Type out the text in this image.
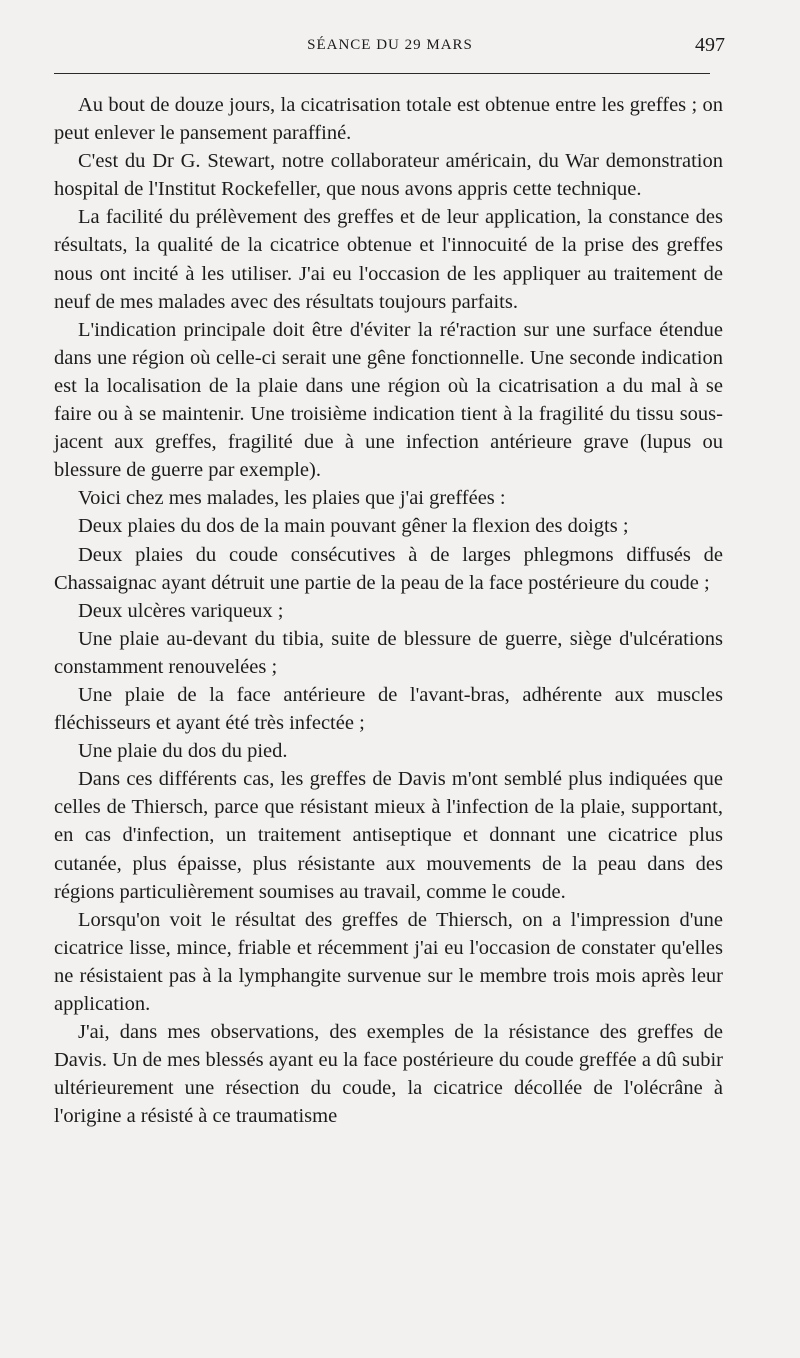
SÉANCE DU 29 MARS	497

Au bout de douze jours, la cicatrisation totale est obtenue entre les greffes ; on peut enlever le pansement paraffiné.

C'est du Dr G. Stewart, notre collaborateur américain, du War demonstration hospital de l'Institut Rockefeller, que nous avons appris cette technique.

La facilité du prélèvement des greffes et de leur application, la constance des résultats, la qualité de la cicatrice obtenue et l'innocuité de la prise des greffes nous ont incité à les utiliser. J'ai eu l'occasion de les appliquer au traitement de neuf de mes malades avec des résultats toujours parfaits.

L'indication principale doit être d'éviter la ré'raction sur une surface étendue dans une région où celle-ci serait une gêne fonctionnelle. Une seconde indication est la localisation de la plaie dans une région où la cicatrisation a du mal à se faire ou à se maintenir. Une troisième indication tient à la fragilité du tissu sous-jacent aux greffes, fragilité due à une infection antérieure grave (lupus ou blessure de guerre par exemple).

Voici chez mes malades, les plaies que j'ai greffées :

Deux plaies du dos de la main pouvant gêner la flexion des doigts ;

Deux plaies du coude consécutives à de larges phlegmons diffusés de Chassaignac ayant détruit une partie de la peau de la face postérieure du coude ;

Deux ulcères variqueux ;

Une plaie au-devant du tibia, suite de blessure de guerre, siège d'ulcérations constamment renouvelées ;

Une plaie de la face antérieure de l'avant-bras, adhérente aux muscles fléchisseurs et ayant été très infectée ;

Une plaie du dos du pied.

Dans ces différents cas, les greffes de Davis m'ont semblé plus indiquées que celles de Thiersch, parce que résistant mieux à l'infection de la plaie, supportant, en cas d'infection, un traitement antiseptique et donnant une cicatrice plus cutanée, plus épaisse, plus résistante aux mouvements de la peau dans des régions particulièrement soumises au travail, comme le coude.

Lorsqu'on voit le résultat des greffes de Thiersch, on a l'impression d'une cicatrice lisse, mince, friable et récemment j'ai eu l'occasion de constater qu'elles ne résistaient pas à la lymphangite survenue sur le membre trois mois après leur application.

J'ai, dans mes observations, des exemples de la résistance des greffes de Davis. Un de mes blessés ayant eu la face postérieure du coude greffée a dû subir ultérieurement une résection du coude, la cicatrice décollée de l'olécrâne à l'origine a résisté à ce traumatisme
